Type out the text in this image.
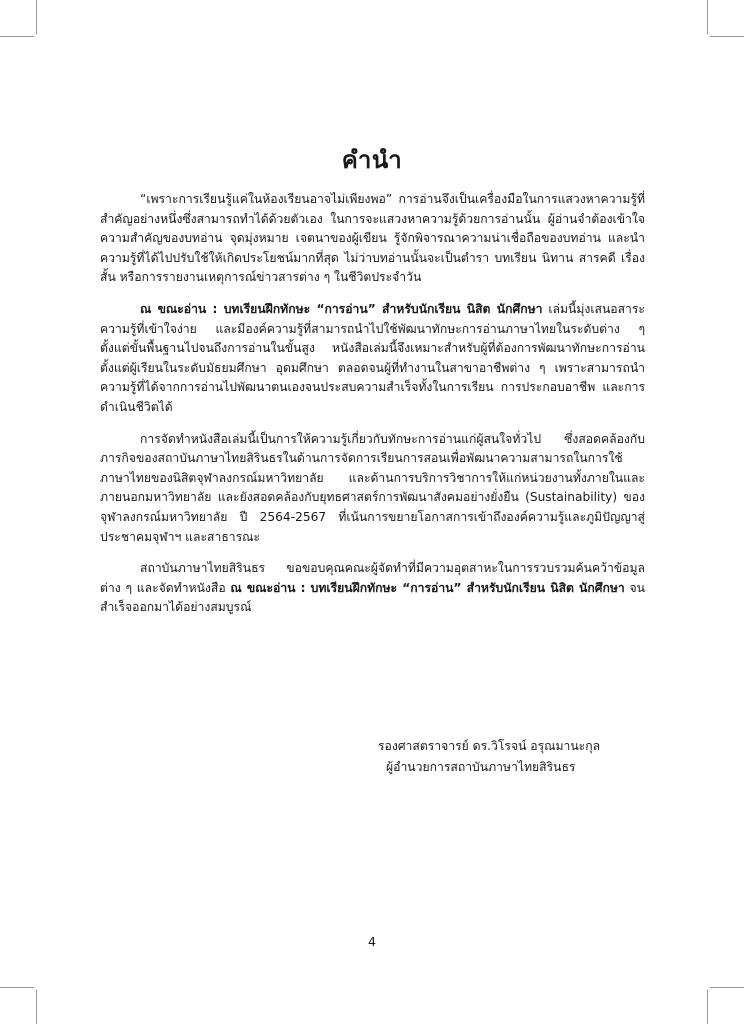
คำนำ

“เพราะการเรียนรู้แค่ในห้องเรียนอาจไม่เพียงพอ” การอ่านจึงเป็นเครื่องมือในการแสวงหาความรู้ที่สำคัญอย่างหนึ่งซึ่งสามารถทำได้ด้วยตัวเอง ในการจะแสวงหาความรู้ด้วยการอ่านนั้น ผู้อ่านจำต้องเข้าใจความสำคัญของบทอ่าน จุดมุ่งหมาย เจตนาของผู้เขียน รู้จักพิจารณาความน่าเชื่อถือของบทอ่าน และนำความรู้ที่ได้ไปปรับใช้ให้เกิดประโยชน์มากที่สุด ไม่ว่าบทอ่านนั้นจะเป็นตำรา บทเรียน นิทาน สารคดี เรื่องสั้น หรือการรายงานเหตุการณ์ข่าวสารต่าง ๆ ในชีวิตประจำวัน

ณ ขณะอ่าน : บทเรียนฝึกทักษะ “การอ่าน” สำหรับนักเรียน นิสิต นักศึกษา เล่มนี้มุ่งเสนอสาระความรู้ที่เข้าใจง่าย และมีองค์ความรู้ที่สามารถนำไปใช้พัฒนาทักษะการอ่านภาษาไทยในระดับต่าง ๆ ตั้งแต่ขั้นพื้นฐานไปจนถึงการอ่านในขั้นสูง หนังสือเล่มนี้จึงเหมาะสำหรับผู้ที่ต้องการพัฒนาทักษะการอ่าน ตั้งแต่ผู้เรียนในระดับมัธยมศึกษา อุดมศึกษา ตลอดจนผู้ที่ทำงานในสาขาอาชีพต่าง ๆ เพราะสามารถนำความรู้ที่ได้จากการอ่านไปพัฒนาตนเองจนประสบความสำเร็จทั้งในการเรียน การประกอบอาชีพ และการดำเนินชีวิตได้

การจัดทำหนังสือเล่มนี้เป็นการให้ความรู้เกี่ยวกับทักษะการอ่านแก่ผู้สนใจทั่วไป ซึ่งสอดคล้องกับภารกิจของสถาบันภาษาไทยสิรินธรในด้านการจัดการเรียนการสอนเพื่อพัฒนาความสามารถในการใช้ภาษาไทยของนิสิตจุฬาลงกรณ์มหาวิทยาลัย และด้านการบริการวิชาการให้แก่หน่วยงานทั้งภายในและภายนอกมหาวิทยาลัย และยังสอดคล้องกับยุทธศาสตร์การพัฒนาสังคมอย่างยั่งยืน (Sustainability) ของจุฬาลงกรณ์มหาวิทยาลัย ปี 2564-2567 ที่เน้นการขยายโอกาสการเข้าถึงองค์ความรู้และภูมิปัญญาสู่ประชาคมจุฬาฯ และสาธารณะ

สถาบันภาษาไทยสิรินธร ขอขอบคุณคณะผู้จัดทำที่มีความอุตสาหะในการรวบรวมค้นคว้าข้อมูลต่าง ๆ และจัดทำหนังสือ ณ ขณะอ่าน : บทเรียนฝึกทักษะ “การอ่าน” สำหรับนักเรียน นิสิต นักศึกษา จนสำเร็จออกมาได้อย่างสมบูรณ์

รองศาสตราจารย์ ดร.วิโรจน์ อรุณมานะกุล
ผู้อำนวยการสถาบันภาษาไทยสิรินธร
4
